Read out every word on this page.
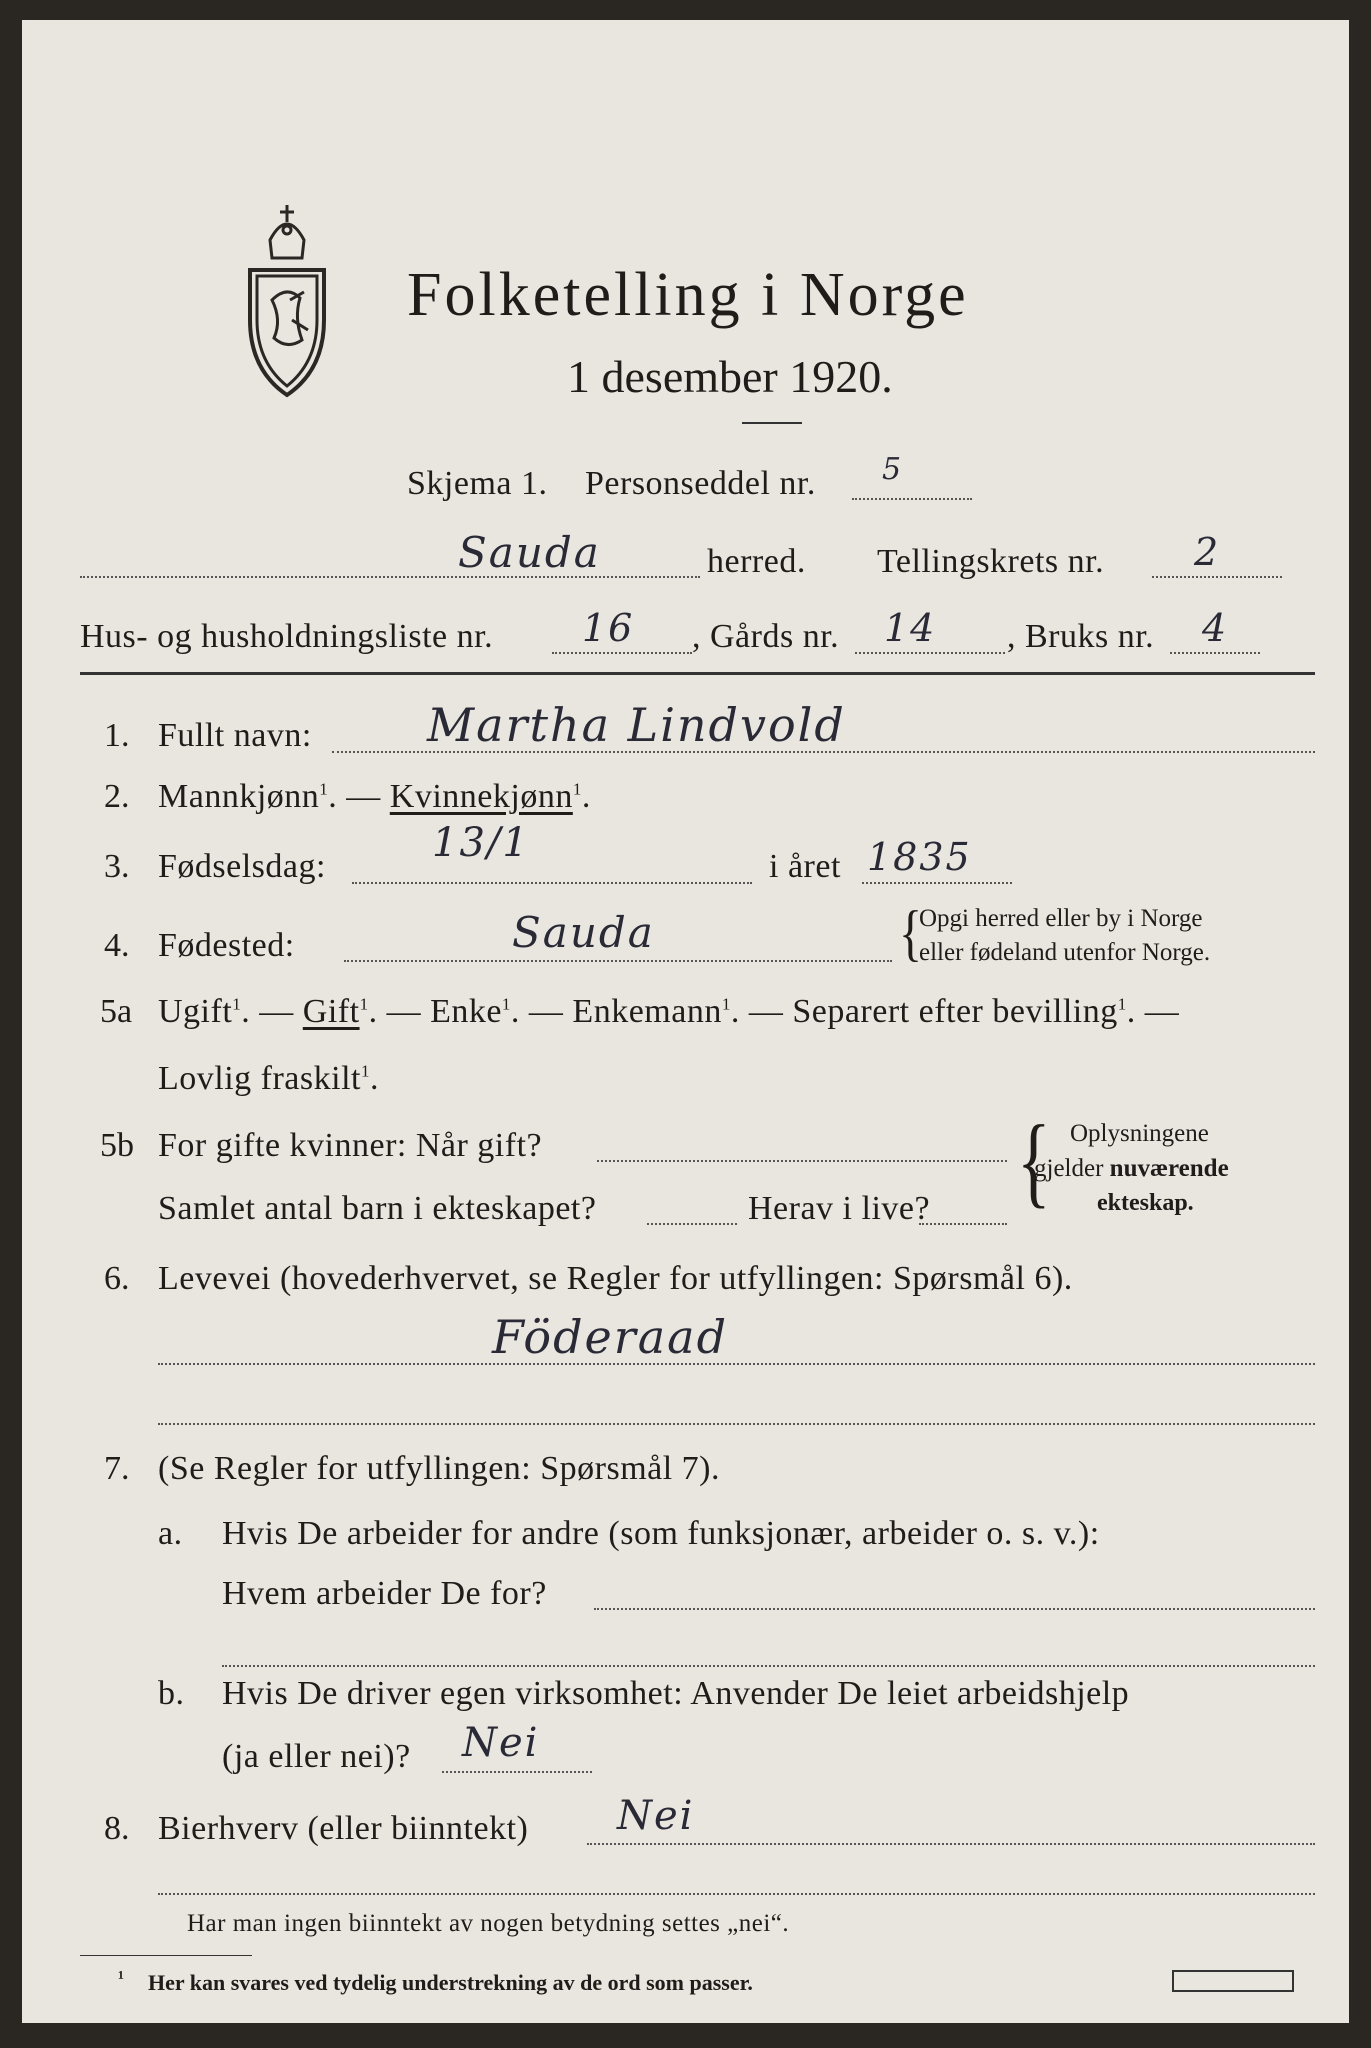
Folketelling i Norge
1 desember 1920.
Skjema 1. Personseddel nr. 5
Sauda	herred. Tellingskrets nr. 2
Hus- og husholdningsliste nr. 16 , Gårds nr. 14 , Bruks nr. 4
1. Fullt navn:	Martha Lindvold
2. Mannkjønn$^1$. — Kvinnekjønn$^1$.
3. Fødselsdag:
13/1
i året 1835
4. Fødested:	Sauda	{
Opgi herred eller by i Norge
eller fødeland utenfor Norge.
5a Ugift$^1$. — Gift$^1$. — Enke$^1$. — Enkemann$^1$. — Separert efter bevilling$^1$. —
Lovlig fraskilt$^1$.
5b For gifte kvinner: Når gift?
Samlet antal barn i ekteskapet?	Herav i live? { Oplysningene
gjelder nuværende
ekteskap.
6. Levevei (hovederhvervet, se Regler for utfyllingen: Spørsmål 6).
Föderaad
7. (Se Regler for utfyllingen: Spørsmål 7).
a. Hvis De arbeider for andre (som funksjonær, arbeider o. s. v.):
Hvem arbeider De for?
b. Hvis De driver egen virksomhet: Anvender De leiet arbeidshjelp
(ja eller nei)? Nei
8. Bierhverv (eller biinntekt) Nei
Har man ingen biinntekt av nogen betydning settes „nei“.
¹ Her kan svares ved tydelig understrekning av de ord som passer.
